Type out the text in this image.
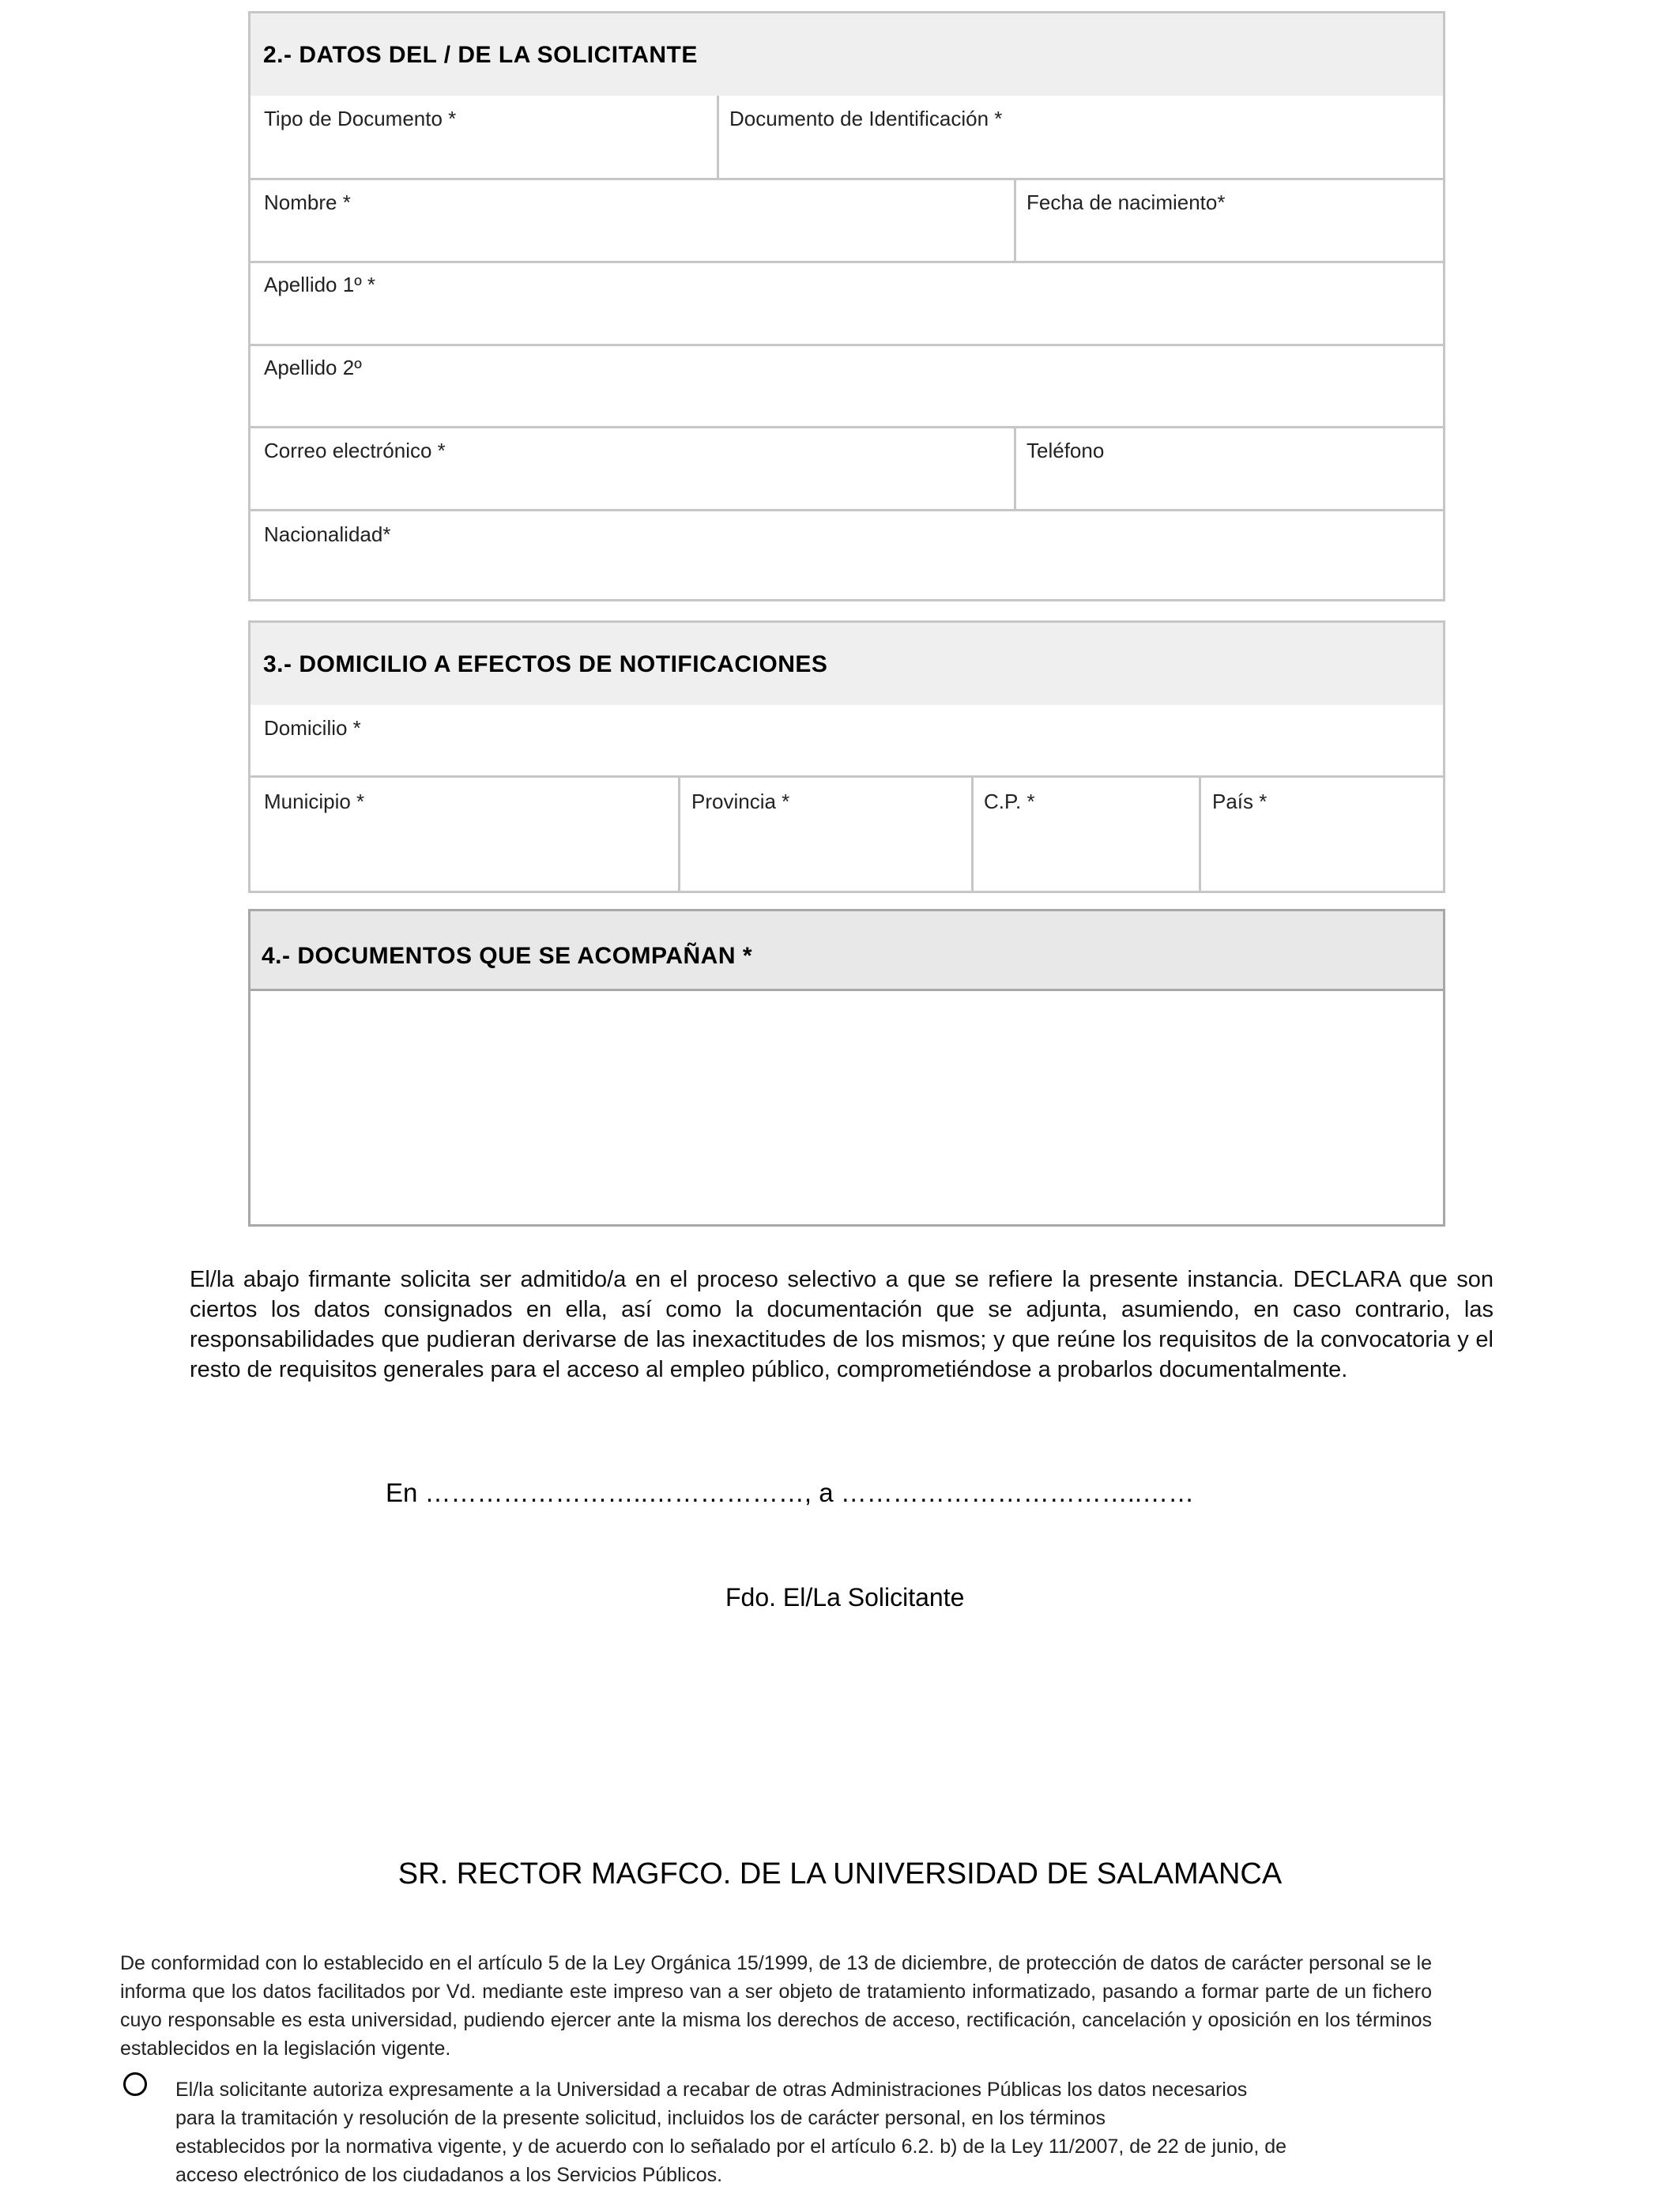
2.- DATOS DEL / DE LA SOLICITANTE
Tipo de Documento *	Documento de Identificación *
Nombre *	Fecha de nacimiento*
Apellido 1º *
Apellido 2º
Correo electrónico *	Teléfono
Nacionalidad*
3.- DOMICILIO A EFECTOS DE NOTIFICACIONES
Domicilio *
Municipio *	Provincia *	C.P. *	País *
4.- DOCUMENTOS QUE SE ACOMPAÑAN *
El/la abajo firmante solicita ser admitido/a en el proceso selectivo a que se refiere la presente instancia. DECLARA que son ciertos los datos consignados en ella, así como la documentación que se adjunta, asumiendo, en caso contrario, las responsabilidades que pudieran derivarse de las inexactitudes de los mismos; y que reúne los requisitos de la convocatoria y el resto de requisitos generales para el acceso al empleo público, comprometiéndose a probarlos documentalmente.
En ……………………..………………, a ……………………………..……
Fdo. El/La Solicitante
SR. RECTOR MAGFCO. DE LA UNIVERSIDAD DE SALAMANCA
De conformidad con lo establecido en el artículo 5 de la Ley Orgánica 15/1999, de 13 de diciembre, de protección de datos de carácter personal se le informa que los datos facilitados por Vd. mediante este impreso van a ser objeto de tratamiento informatizado, pasando a formar parte de un fichero cuyo responsable es esta universidad, pudiendo ejercer ante la misma los derechos de acceso, rectificación, cancelación y oposición en los términos establecidos en la legislación vigente.
El/la solicitante autoriza expresamente a la Universidad a recabar de otras Administraciones Públicas los datos necesarios
para la tramitación y resolución de la presente solicitud, incluidos los de carácter personal, en los términos
establecidos por la normativa vigente, y de acuerdo con lo señalado por el artículo 6.2. b) de la Ley 11/2007, de 22 de junio, de
acceso electrónico de los ciudadanos a los Servicios Públicos.
